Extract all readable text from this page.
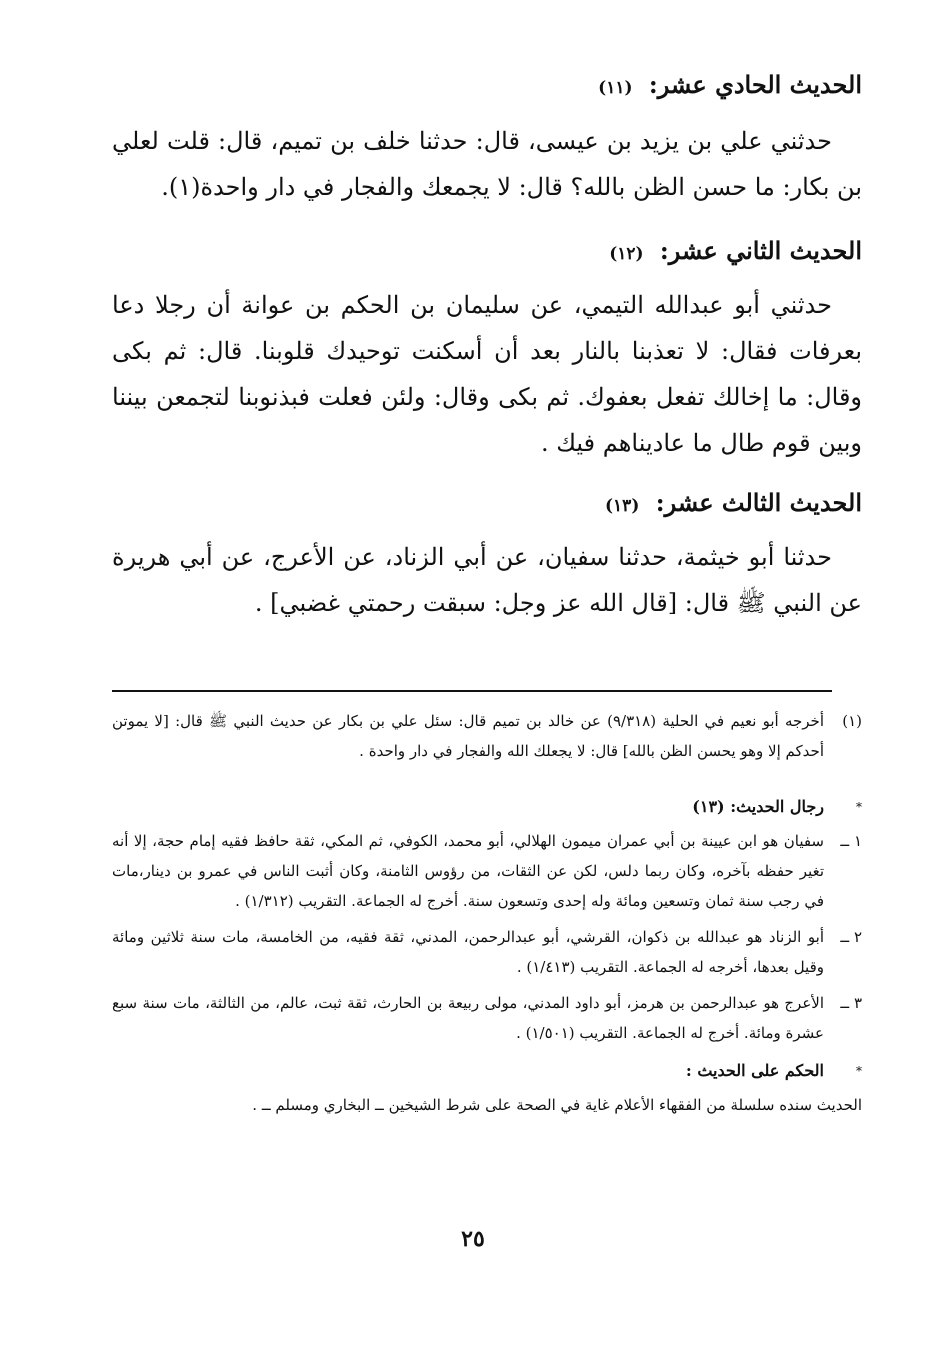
الحديث الحادي عشر: (١١)

حدثني علي بن يزيد بن عيسى، قال: حدثنا خلف بن تميم، قال: قلت لعلي بن بكار: ما حسن الظن بالله؟ قال: لا يجمعك والفجار في دار واحدة(١).

الحديث الثاني عشر: (١٢)

حدثني أبو عبدالله التيمي، عن سليمان بن الحكم بن عوانة أن رجلا دعا بعرفات فقال: لا تعذبنا بالنار بعد أن أسكنت توحيدك قلوبنا. قال: ثم بكى وقال: ما إخالك تفعل بعفوك. ثم بكى وقال: ولئن فعلت فبذنوبنا لتجمعن بيننا وبين قوم طال ما عاديناهم فيك .

الحديث الثالث عشر: (١٣)

حدثنا أبو خيثمة، حدثنا سفيان، عن أبي الزناد، عن الأعرج، عن أبي هريرة عن النبي ﷺ قال: [قال الله عز وجل: سبقت رحمتي غضبي] .

(١)
أخرجه أبو نعيم في الحلية (٩/٣١٨) عن خالد بن تميم قال: سئل علي بن بكار عن حديث النبي ﷺ قال: [لا يموتن أحدكم إلا وهو يحسن الظن بالله] قال: لا يجعلك الله والفجار في دار واحدة .
*
رجال الحديث: (١٣)
١ ــ
سفيان هو ابن عيينة بن أبي عمران ميمون الهلالي، أبو محمد، الكوفي، ثم المكي، ثقة حافظ فقيه إمام حجة، إلا أنه تغير حفظه بآخره، وكان ربما دلس، لكن عن الثقات، من رؤوس الثامنة، وكان أثبت الناس في عمرو بن دينار،مات في رجب سنة ثمان وتسعين ومائة وله إحدى وتسعون سنة. أخرج له الجماعة. التقريب (١/٣١٢) .
٢ ــ
أبو الزناد هو عبدالله بن ذكوان، القرشي، أبو عبدالرحمن، المدني، ثقة فقيه، من الخامسة، مات سنة ثلاثين ومائة وقيل بعدها، أخرجه له الجماعة. التقريب (١/٤١٣) .
٣ ــ
الأعرج هو عبدالرحمن بن هرمز، أبو داود المدني، مولى ربيعة بن الحارث، ثقة ثبت، عالم، من الثالثة، مات سنة سبع عشرة ومائة. أخرج له الجماعة. التقريب (١/٥٠١) .
*
الحكم على الحديث :
الحديث سنده سلسلة من الفقهاء الأعلام غاية في الصحة على شرط الشيخين ــ البخاري ومسلم ــ .
٢٥
